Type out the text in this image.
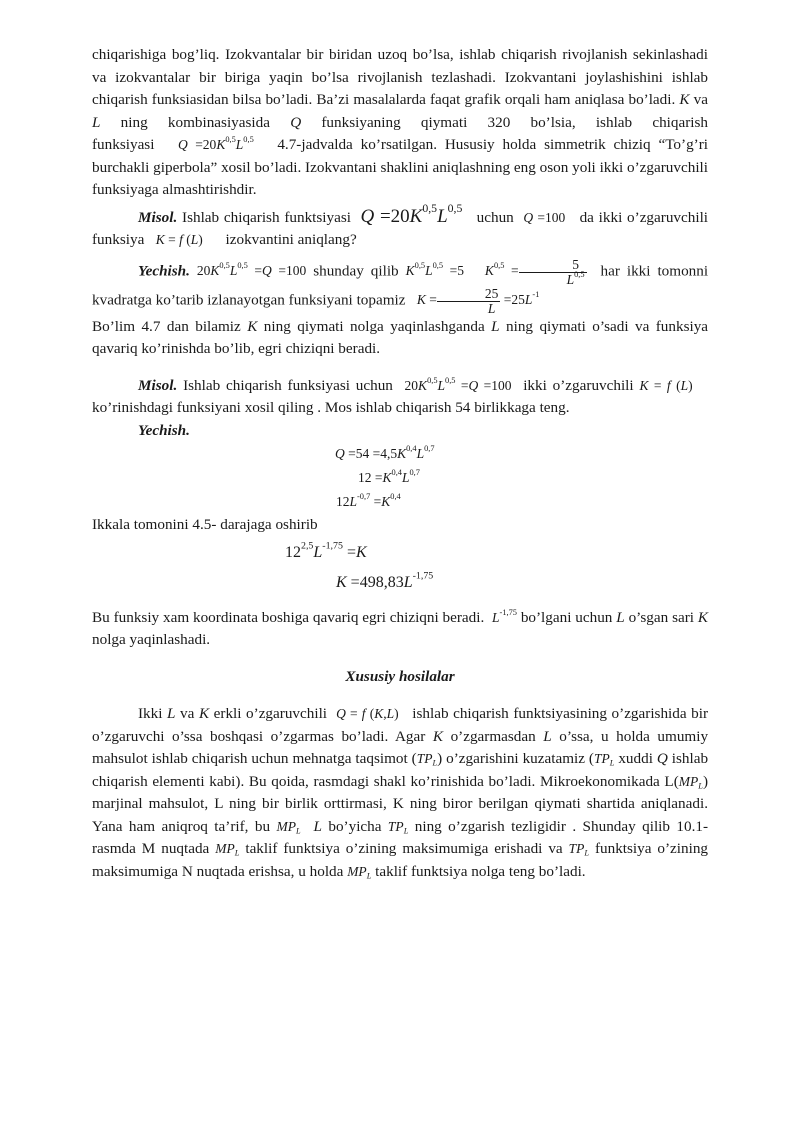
chiqarishiga bog’liq. Izokvantalar bir biridan uzoq bo’lsa, ishlab chiqarish rivojlanish sekinlashadi va izokvantalar bir biriga yaqin bo’lsa rivojlanish tezlashadi. Izokvantani joylashishini ishlab chiqarish funksiasidan bilsa bo’ladi. Ba’zi masalalarda faqat grafik orqali ham aniqlasa bo’ladi. K va L ning kombinasiyasida Q funksiyaning qiymati 320 bo’lsia, ishlab chiqarish funksiyasi $Q =20K^{0,5}L^{0,5}$ 4.7-jadvalda ko’rsatilgan. Hususiy holda simmetrik chiziq “To’g’ri burchakli giperbola” xosil bo’ladi. Izokvantani shaklini aniqlashning eng oson yoli ikki o’zgaruvchili funksiyaga almashtirishdir.

Misol. Ishlab chiqarish funktsiyasi $Q =20K^{0,5}L^{0,5}$   uchun Q =100 da ikki o’zgaruvchili funksiya K = f (L) izokvantini aniqlang?

Yechish. $20K^{0,5}L^{0,5} =Q =100$ shunday qilib $K^{0,5}L^{0,5} =5$ $K^{0,5} = \frac{5}{L^{0,5}}$ har ikkі tomonni kvadratga ko’tarib izlanayotgan funksiyani topamiz $K = \frac{25}{L} =25L^{-1}$

Bo’lim 4.7 dan bilamiz K ning qiymati nolga yaqinlashganda L ning qiymati o’sadi va funksiya qavariq ko’rinishda bo’lib, egri chiziqni beradi.

Misol. Ishlab chiqarish funksiyasi uchun $20K^{0,5}L^{0,5} =Q =100$ ikki o’zgaruvchili K = f (L)    ko’rinishdagi funksiyani xosil qiling . Mos ishlab chiqarish 54 birlikkaga teng.

Yechish.

$Q =54 =4,5K^{0,4}L^{0,7}$

$12 =K^{0,4}L^{0,7}$

$12L^{-0,7} =K^{0,4}$

Ikkala tomonini 4.5- darajaga oshirib

$12^{2,5}L^{-1,75} =K$

$K =498,83L^{-1,75}$

Bu funksiy xam koordinata boshiga qavariq egri chiziqni beradi. $L^{-1,75}$ bo’lgani uchun L o’sgan sari K nolga yaqinlashadi.

Xususiy hosilalar

Ikki L va K erkli o’zgaruvchili Q = f (K,L) ishlab chiqarish funktsiyasining o’zgarishida bir o’zgaruvchi o’ssa boshqasi o’zgarmas bo’ladi. Agar K o’zgarmasdan L o’ssa, u holda umumiy mahsulot ishlab chiqarish uchun mehnatga taqsimot $(TP_L)$ o’zgarishini kuzatamiz ($TP_L$ xuddi Q ishlab chiqarish elementi kabi). Bu qoida, rasmdagi shakl ko’rinishida bo’ladi. Mikroekonomikada $L(MP_L)$ marjinal mahsulot, L ning bir birlik orttirmasi, K ning biror berilgan qiymati shartida aniqlanadi. Yana ham aniqroq ta’rif, bu $MP_L$ L bo’yicha $TP_L$ ning o’zgarish tezligidir . Shunday qilib 10.1-rasmda M nuqtada $MP_L$ taklif funktsiya o’zining maksimumiga erishadi va $TP_L$ funktsiya o’zining maksimumiga N nuqtada erishsa, u holda $MP_L$ taklif funktsiya nolga teng bo’ladi.
